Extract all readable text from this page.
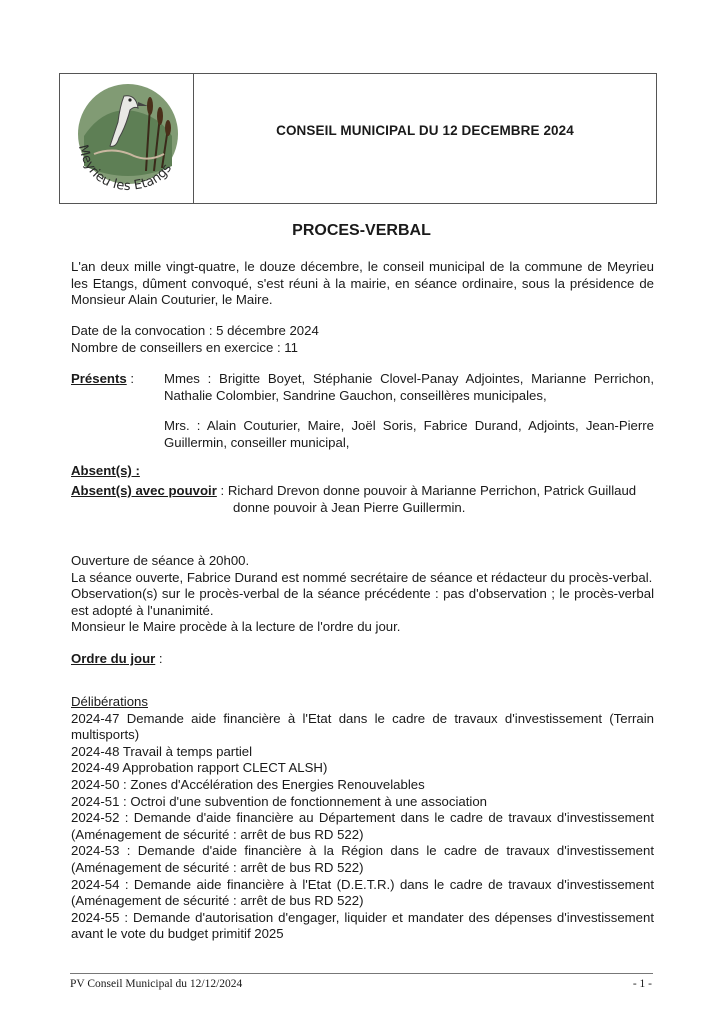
Meyrieu les Etangs
CONSEIL MUNICIPAL DU 12 DECEMBRE 2024
PROCES-VERBAL
L'an deux mille vingt-quatre, le douze décembre, le conseil municipal de la commune de Meyrieu les Etangs, dûment convoqué, s'est réuni à la mairie, en séance ordinaire, sous la présidence de Monsieur Alain Couturier, le Maire.
Date de la convocation : 5 décembre 2024
Nombre de conseillers en exercice : 11
Présents : Mmes : Brigitte Boyet, Stéphanie Clovel-Panay Adjointes, Marianne Perrichon, Nathalie Colombier, Sandrine Gauchon, conseillères municipales,
Mrs. : Alain Couturier, Maire, Joël Soris, Fabrice Durand, Adjoints, Jean-Pierre Guillermin, conseiller municipal,
Absent(s) :
Absent(s) avec pouvoir : Richard Drevon donne pouvoir à Marianne Perrichon, Patrick Guillaud
donne pouvoir à Jean Pierre Guillermin.
Ouverture de séance à 20h00.
La séance ouverte, Fabrice Durand est nommé secrétaire de séance et rédacteur du procès-verbal.
Observation(s) sur le procès-verbal de la séance précédente : pas d'observation ; le procès-verbal est adopté à l'unanimité.
Monsieur le Maire procède à la lecture de l'ordre du jour.
Ordre du jour :
Délibérations
2024-47 Demande aide financière à l'Etat dans le cadre de travaux d'investissement (Terrain multisports)
2024-48 Travail à temps partiel
2024-49 Approbation rapport CLECT ALSH)
2024-50 : Zones d'Accélération des Energies Renouvelables
2024-51 : Octroi d'une subvention de fonctionnement à une association
2024-52 : Demande d'aide financière au Département dans le cadre de travaux d'investissement (Aménagement de sécurité : arrêt de bus RD 522)
2024-53 : Demande d'aide financière à la Région dans le cadre de travaux d'investissement (Aménagement de sécurité : arrêt de bus RD 522)
2024-54 : Demande aide financière à l'Etat (D.E.T.R.) dans le cadre de travaux d'investissement (Aménagement de sécurité : arrêt de bus RD 522)
2024-55 : Demande d'autorisation d'engager, liquider et mandater des dépenses d'investissement avant le vote du budget primitif 2025
PV Conseil Municipal du 12/12/2024	- 1 -
